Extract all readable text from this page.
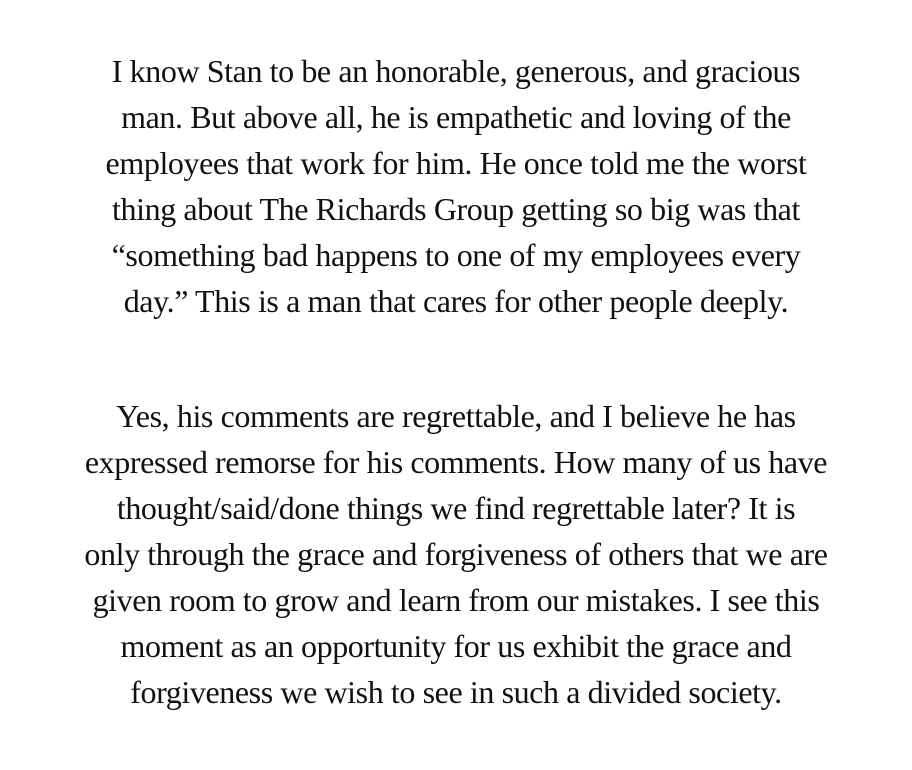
I know Stan to be an honorable, generous, and gracious
man. But above all, he is empathetic and loving of the
employees that work for him. He once told me the worst
thing about The Richards Group getting so big was that
“something bad happens to one of my employees every
day.” This is a man that cares for other people deeply.

Yes, his comments are regrettable, and I believe he has
expressed remorse for his comments. How many of us have
thought/said/done things we find regrettable later? It is
only through the grace and forgiveness of others that we are
given room to grow and learn from our mistakes. I see this
moment as an opportunity for us exhibit the grace and
forgiveness we wish to see in such a divided society.
